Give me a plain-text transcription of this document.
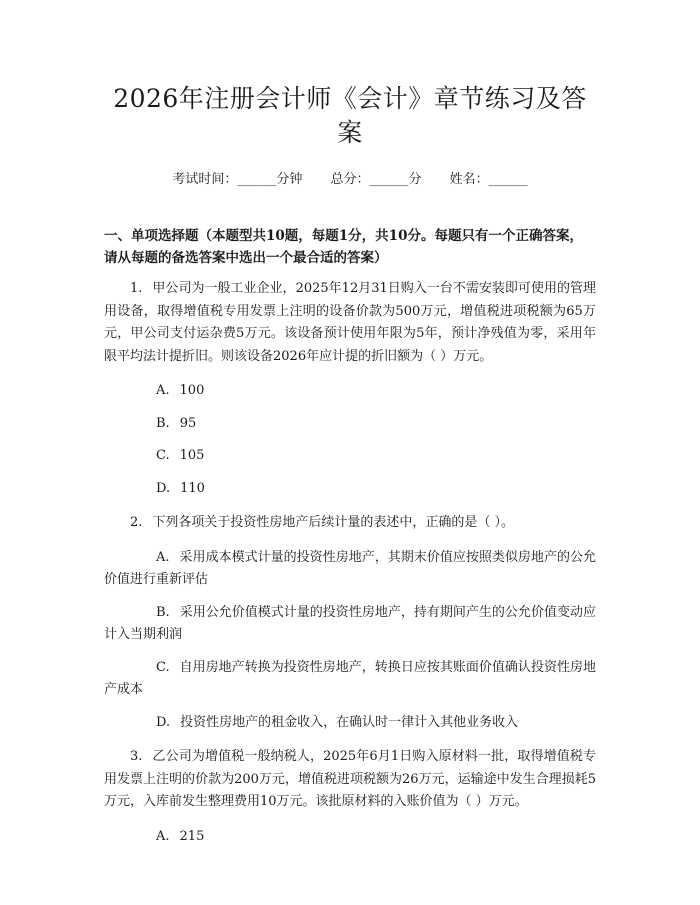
2026年注册会计师《会计》章节练习及答案
考试时间：______分钟 总分：______分 姓名：______
一、单项选择题（本题型共10题，每题1分，共10分。每题只有一个正确答案，请从每题的备选答案中选出一个最合适的答案）
1. 甲公司为一般工业企业，2025年12月31日购入一台不需安装即可使用的管理用设备，取得增值税专用发票上注明的设备价款为500万元，增值税进项税额为65万元，甲公司支付运杂费5万元。该设备预计使用年限为5年，预计净残值为零，采用年限平均法计提折旧。则该设备2026年应计提的折旧额为（ ）万元。
A. 100
B. 95
C. 105
D. 110
2. 下列各项关于投资性房地产后续计量的表述中，正确的是（ ）。
A. 采用成本模式计量的投资性房地产，其期末价值应按照类似房地产的公允价值进行重新评估
B. 采用公允价值模式计量的投资性房地产，持有期间产生的公允价值变动应计入当期利润
C. 自用房地产转换为投资性房地产，转换日应按其账面价值确认投资性房地产成本
D. 投资性房地产的租金收入，在确认时一律计入其他业务收入
3. 乙公司为增值税一般纳税人，2025年6月1日购入原材料一批，取得增值税专用发票上注明的价款为200万元，增值税进项税额为26万元，运输途中发生合理损耗5万元，入库前发生整理费用10万元。该批原材料的入账价值为（ ）万元。
A. 215
